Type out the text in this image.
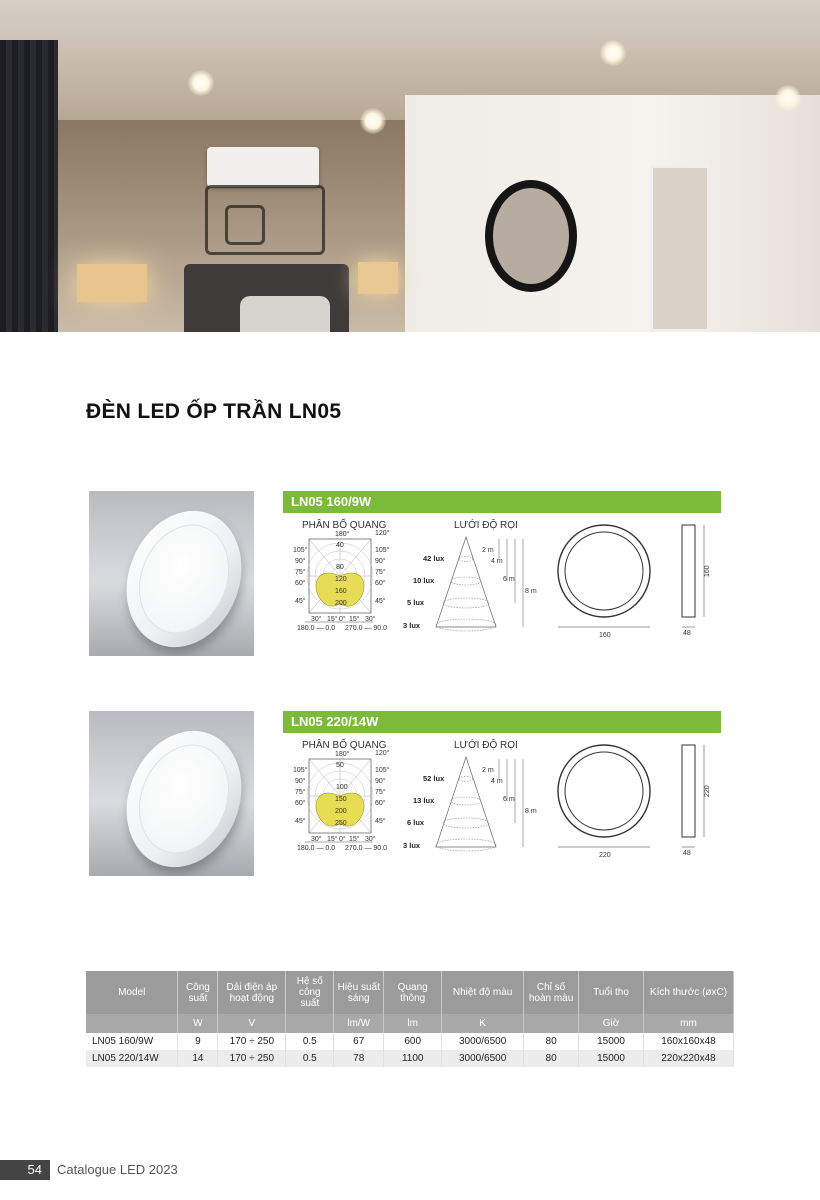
ĐÈN LED ỐP TRẦN LN05
LN05 160/9W
PHÂN BỐ QUANG	LƯỚI ĐỘ RỌI
180°	120°
105°	105°
90°	90°
75°	75°
60°	60°
45°	45°
40
80
120
160
200
30° 15° 0° 15° 30°
180.0 — 0.0 270.0 — 90.0
42 lux
10 lux
5 lux
3 lux
2 m
4 m
6 m
8 m
160
160
48
LN05 220/14W
PHÂN BỐ QUANG	LƯỚI ĐỘ RỌI
180°	120°
105°	105°
90°	90°
75°	75°
60°	60°
45°	45°
50
100
150
200
250
30° 15° 0° 15° 30°
180.0 — 0.0 270.0 — 90.0
52 lux
13 lux
6 lux
3 lux
2 m
4 m
6 m
8 m
220
220
48
Model	Công suất	Dải điện áp hoạt động	Hệ số công suất	Hiệu suất sáng	Quang thông	Nhiệt độ màu	Chỉ số hoàn màu	Tuổi thọ	Kích thước (øxC)
	W	V		lm/W	lm	K		Giờ	mm
LN05 160/9W	9	170 ÷ 250	0.5	67	600	3000/6500	80	15000	160x160x48
LN05 220/14W	14	170 ÷ 250	0.5	78	1100	3000/6500	80	15000	220x220x48
54	Catalogue LED 2023
